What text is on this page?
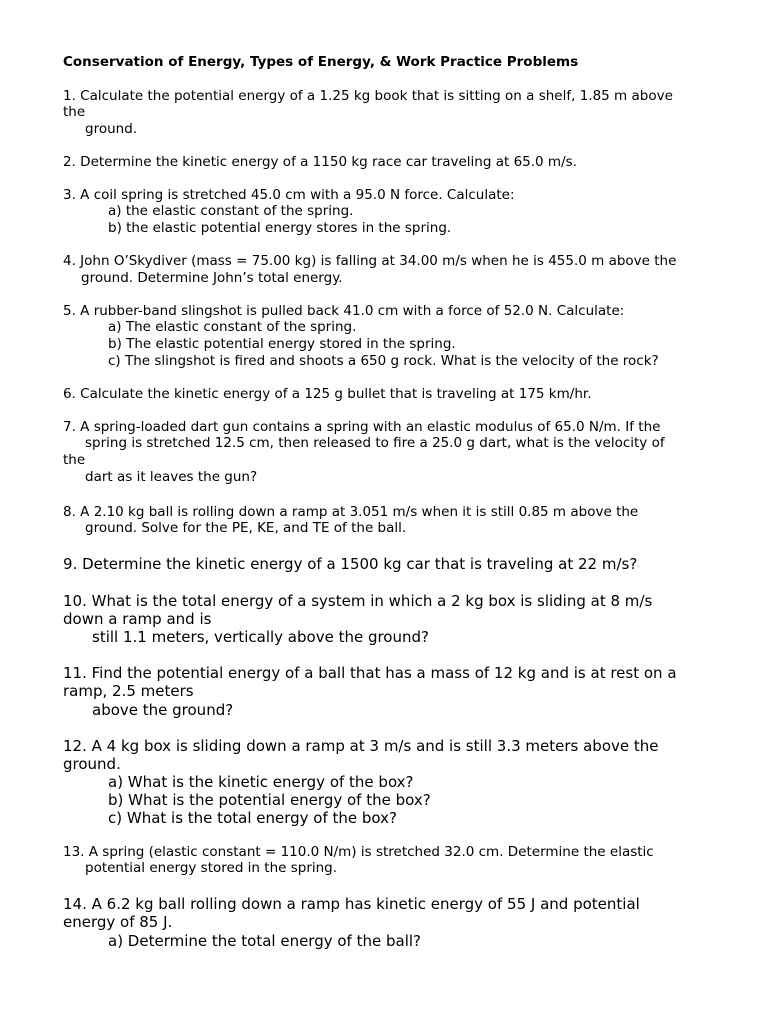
Conservation of Energy, Types of Energy, & Work Practice Problems
1. Calculate the potential energy of a 1.25 kg book that is sitting on a shelf, 1.85 m above
the
ground.
2. Determine the kinetic energy of a 1150 kg race car traveling at 65.0 m/s.
3. A coil spring is stretched 45.0 cm with a 95.0 N force. Calculate:
a) the elastic constant of the spring.
b) the elastic potential energy stores in the spring.
4. John O’Skydiver (mass = 75.00 kg) is falling at 34.00 m/s when he is 455.0 m above the
ground. Determine John’s total energy.
5. A rubber-band slingshot is pulled back 41.0 cm with a force of 52.0 N. Calculate:
a) The elastic constant of the spring.
b) The elastic potential energy stored in the spring.
c) The slingshot is fired and shoots a 650 g rock. What is the velocity of the rock?
6. Calculate the kinetic energy of a 125 g bullet that is traveling at 175 km/hr.
7. A spring-loaded dart gun contains a spring with an elastic modulus of 65.0 N/m. If the
spring is stretched 12.5 cm, then released to fire a 25.0 g dart, what is the velocity of
the
dart as it leaves the gun?
8. A 2.10 kg ball is rolling down a ramp at 3.051 m/s when it is still 0.85 m above the
ground. Solve for the PE, KE, and TE of the ball.
9. Determine the kinetic energy of a 1500 kg car that is traveling at 22 m/s?
10. What is the total energy of a system in which a 2 kg box is sliding at 8 m/s
down a ramp and is
still 1.1 meters, vertically above the ground?
11. Find the potential energy of a ball that has a mass of 12 kg and is at rest on a
ramp, 2.5 meters
above the ground?
12. A 4 kg box is sliding down a ramp at 3 m/s and is still 3.3 meters above the
ground.
a) What is the kinetic energy of the box?
b) What is the potential energy of the box?
c) What is the total energy of the box?
13. A spring (elastic constant = 110.0 N/m) is stretched 32.0 cm. Determine the elastic
potential energy stored in the spring.
14. A 6.2 kg ball rolling down a ramp has kinetic energy of 55 J and potential
energy of 85 J.
a) Determine the total energy of the ball?
